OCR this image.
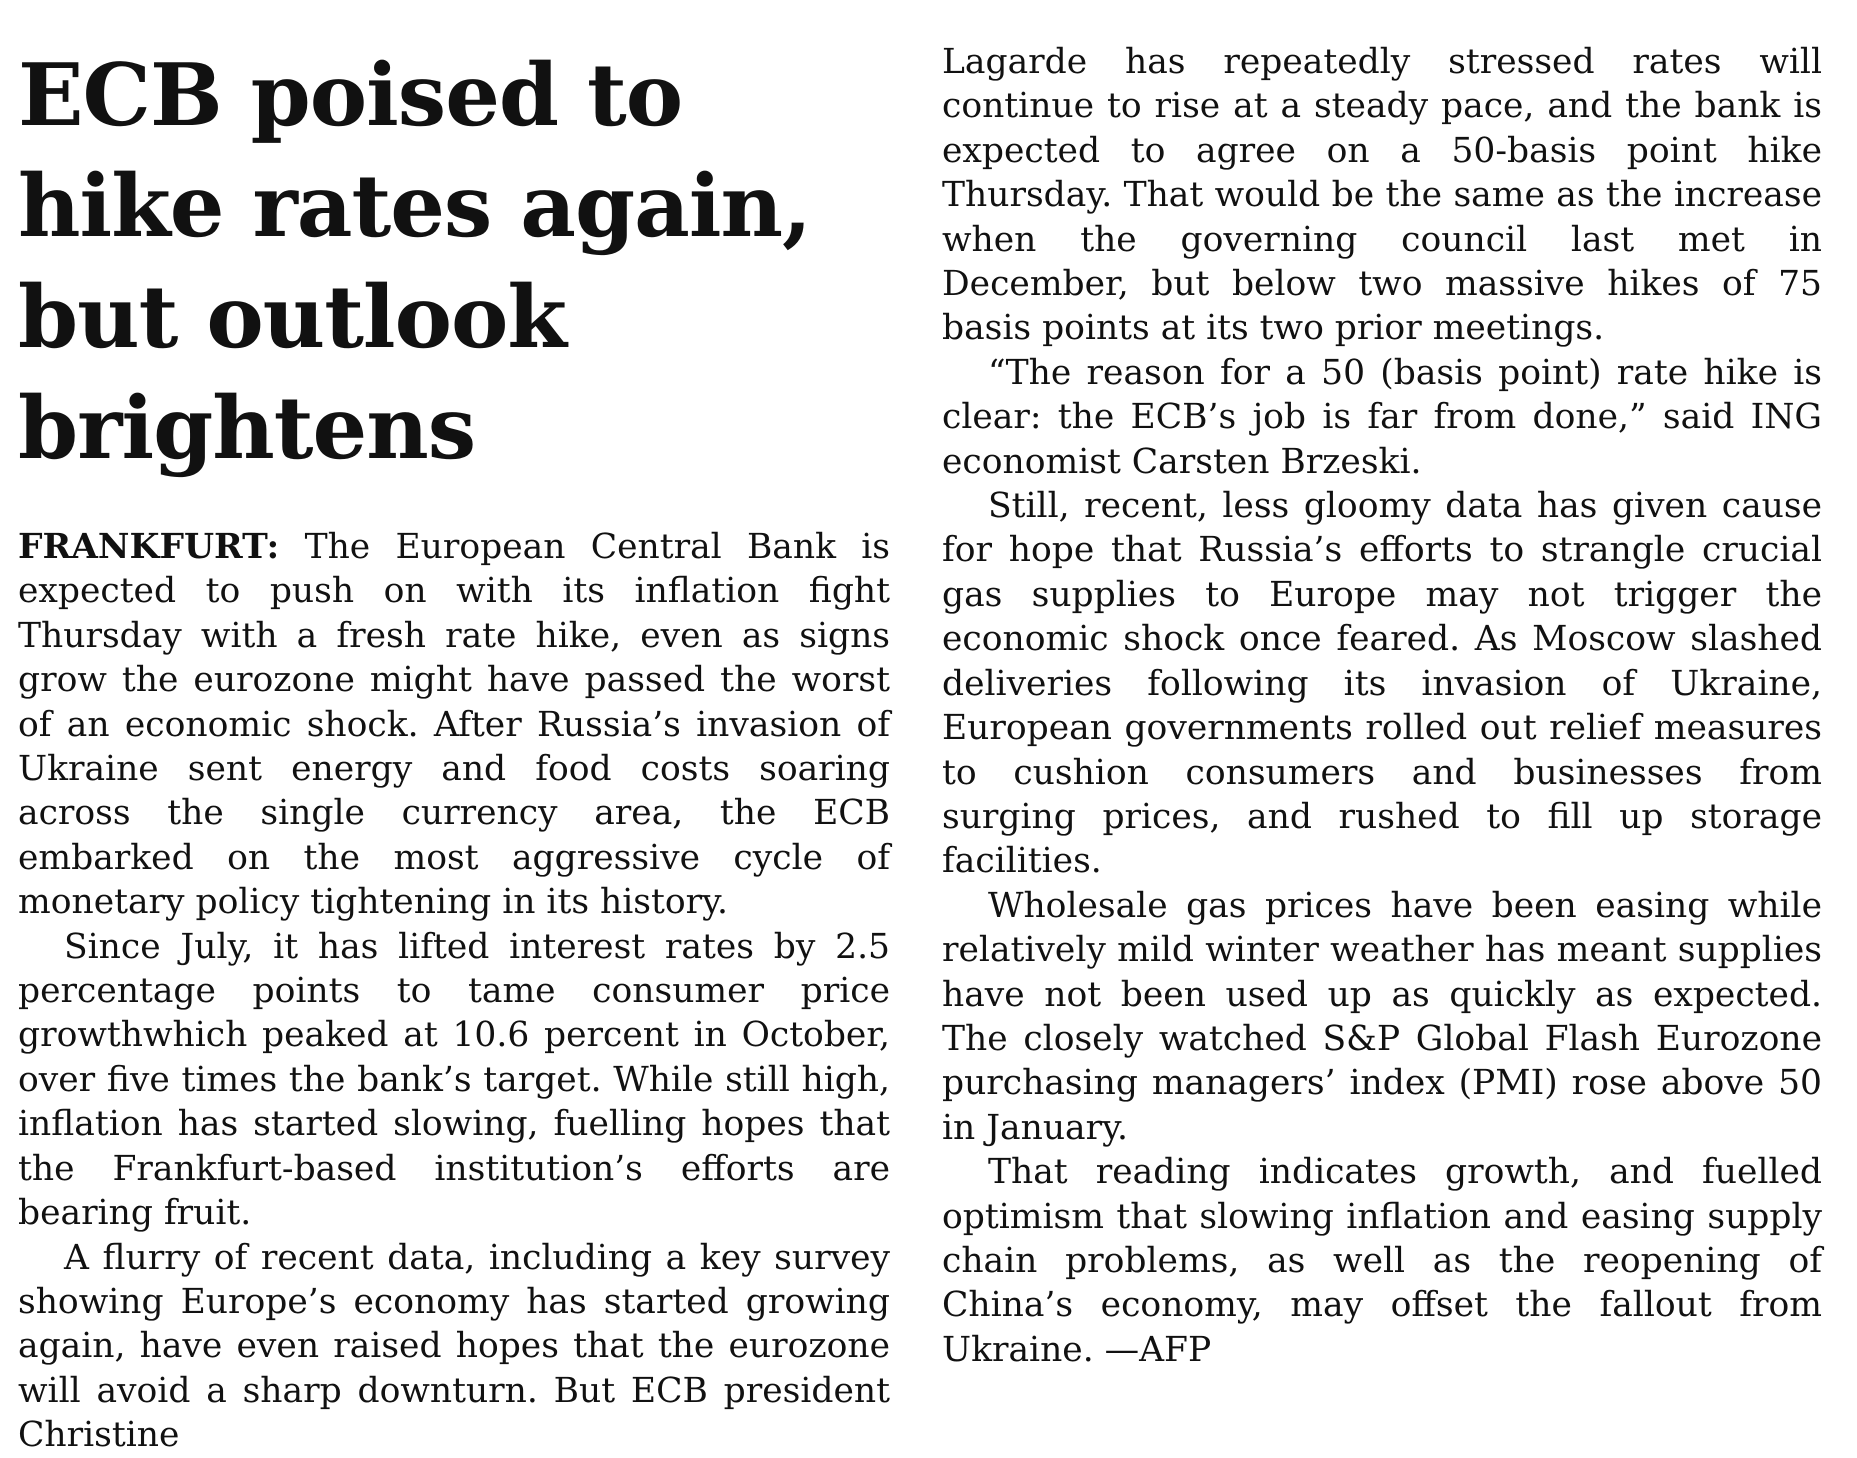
ECB poised to hike rates again, but outlook brightens

FRANKFURT: The European Central Bank is expected to push on with its inflation fight Thursday with a fresh rate hike, even as signs grow the eurozone might have passed the worst of an economic shock. After Russia’s invasion of Ukraine sent energy and food costs soaring across the single currency area, the ECB embarked on the most aggressive cycle of monetary policy tightening in its history.

Since July, it has lifted interest rates by 2.5 percentage points to tame consumer price growthwhich peaked at 10.6 percent in October, over five times the bank’s target. While still high, inflation has started slowing, fuelling hopes that the Frankfurt-based institution’s efforts are bearing fruit.

A flurry of recent data, including a key survey showing Europe’s economy has started growing again, have even raised hopes that the eurozone will avoid a sharp downturn. But ECB president Christine

Lagarde has repeatedly stressed rates will continue to rise at a steady pace, and the bank is expected to agree on a 50-basis point hike Thursday. That would be the same as the increase when the governing council last met in December, but below two massive hikes of 75 basis points at its two prior meetings.

“The reason for a 50 (basis point) rate hike is clear: the ECB’s job is far from done,” said ING economist Carsten Brzeski.

Still, recent, less gloomy data has given cause for hope that Russia’s efforts to strangle crucial gas supplies to Europe may not trigger the economic shock once feared. As Moscow slashed deliveries following its invasion of Ukraine, European governments rolled out relief measures to cushion consumers and businesses from surging prices, and rushed to fill up storage facilities.

Wholesale gas prices have been easing while relatively mild winter weather has meant supplies have not been used up as quickly as expected. The closely watched S&P Global Flash Eurozone purchasing managers’ index (PMI) rose above 50 in January.

That reading indicates growth, and fuelled optimism that slowing inflation and easing supply chain problems, as well as the reopening of China’s economy, may offset the fallout from Ukraine. —AFP
